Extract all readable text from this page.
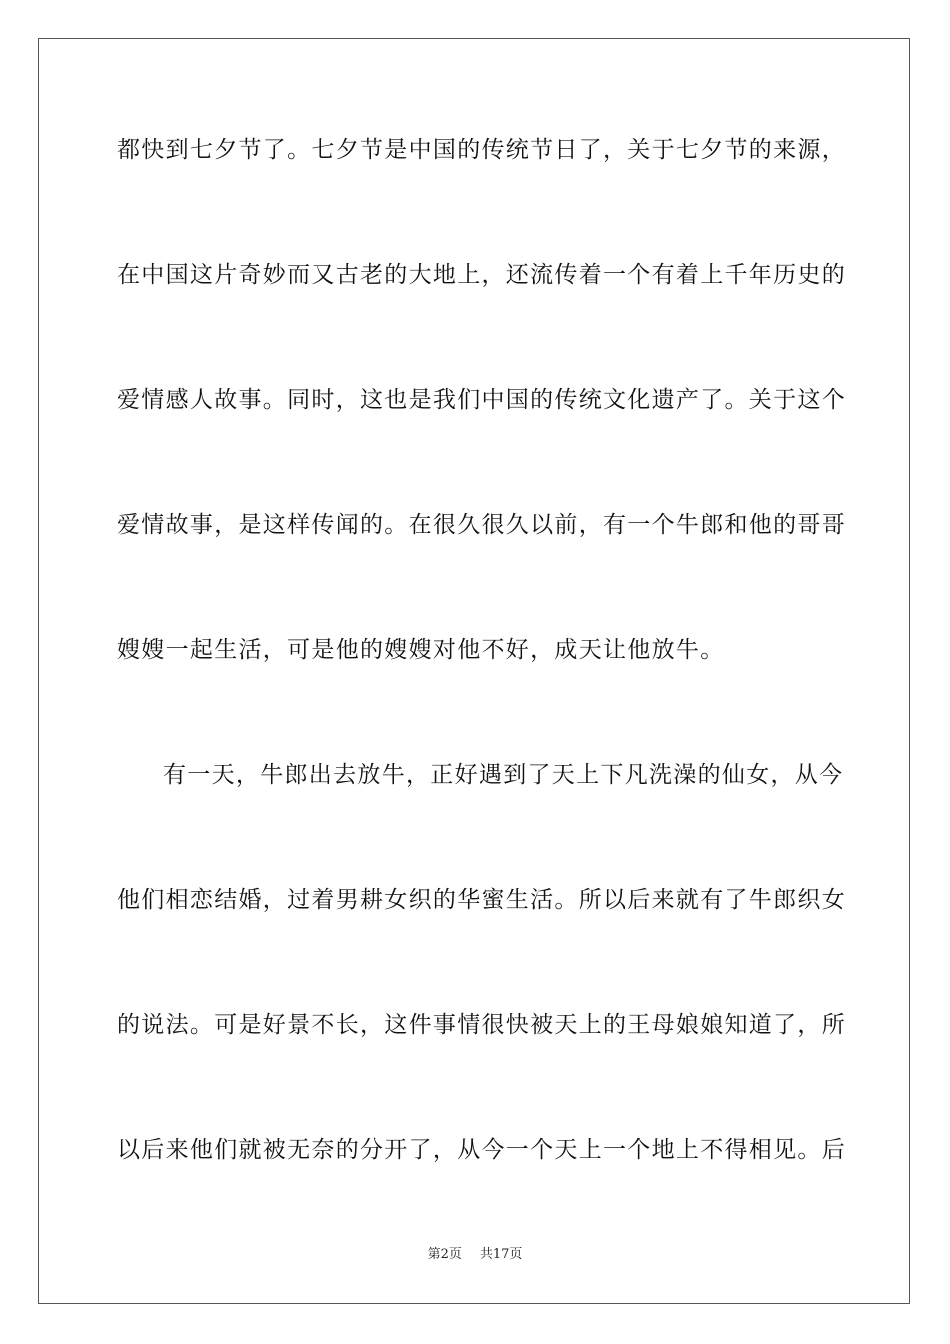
都快到七夕节了。七夕节是中国的传统节日了，关于七夕节的来源，
在中国这片奇妙而又古老的大地上，还流传着一个有着上千年历史的
爱情感人故事。同时，这也是我们中国的传统文化遗产了。关于这个
爱情故事，是这样传闻的。在很久很久以前，有一个牛郎和他的哥哥
嫂嫂一起生活，可是他的嫂嫂对他不好，成天让他放牛。
有一天，牛郎出去放牛，正好遇到了天上下凡洗澡的仙女，从今
他们相恋结婚，过着男耕女织的华蜜生活。所以后来就有了牛郎织女
的说法。可是好景不长，这件事情很快被天上的王母娘娘知道了，所
以后来他们就被无奈的分开了，从今一个天上一个地上不得相见。后
第2页 共17页
